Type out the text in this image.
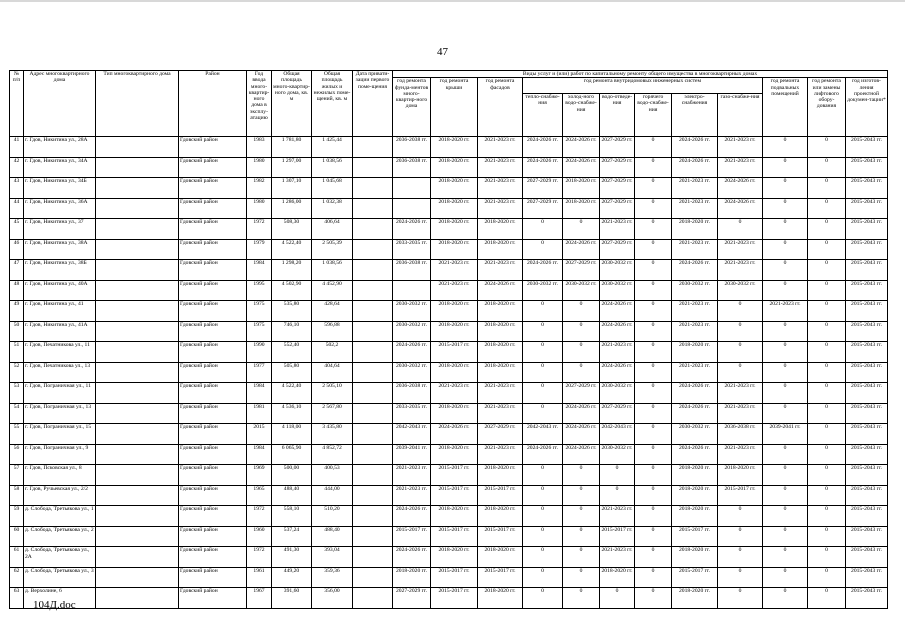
47
№ п/п	Адрес многоквартирного дома	Тип многоквартирного дома	Район	Год ввода много-квартир-ного дома в эксплу-атацию	Общая площадь много-квартир-ного дома, кв. м	Общая площадь жилых и нежилых поме-щений, кв. м	Дата привати-зации первого поме-щения	Виды услуг и (или) работ по капитальному ремонту общего имущества в многоквартирных домах											
								год ремонта фунда-ментов много-квартир-ного дома	год ремонта крыши	год ремонта фасадов	год ремонта внутридомовых инженерных систем						год ремонта подвальных помещений	год ремонта или замены лифтового обору-дования	год изготов-ления проектной докумен-тации*
											тепло-снабже-ния	холод-ного водо-снабже-ния	водо-отведе-ния	горячего водо-снабже-ния	электро-снабжения	газо-снабже-ния			
41	г. Гдов, Никитина ул., 28А		Гдовский район	1983	1 781,80	1 425,44		2036-2038 гг.	2018-2020 гг.	2021-2023 гг.	2024-2026 гг.	2024-2026 гг.	2027-2029 гг.	0	2024-2026 гг.	2021-2023 гг.	0	0	2015-2043 гг.
42	г. Гдов, Никитина ул., 34А		Гдовский район	1980	1 297,00	1 038,56		2036-2038 гг.	2018-2020 гг.	2021-2023 гг.	2024-2026 гг.	2024-2026 гг.	2027-2029 гг.	0	2024-2026 гг.	2021-2023 гг.	0	0	2015-2043 гг.
43	г. Гдов, Никитина ул., 34Б		Гдовский район	1982	1 307,10	1 045,68			2018-2020 гг.	2021-2023 гг.	2027-2029 гг.	2018-2020 гг.	2027-2029 гг.	0	2021-2023 гг.	2024-2026 гг.	0	0	2015-2043 гг.
44	г. Гдов, Никитина ул., 36А		Гдовский район	1980	1 286,00	1 032,38			2018-2020 гг.	2021-2023 гг.	2027-2029 гг.	2018-2020 гг.	2027-2029 гг.	0	2021-2023 гг.	2024-2026 гг.	0	0	2015-2043 гг.
45	г. Гдов, Никитина ул., 37		Гдовский район	1972	508,30	406,64		2024-2026 гг.	2018-2020 гг.	2018-2020 гг.	0	0	2021-2023 гг.	0	2018-2020 гг.	0	0	0	2015-2043 гг.
46	г. Гдов, Никитина ул., 38А		Гдовский район	1979	4 522,40	2 505,39		2033-2035 гг.	2018-2020 гг.	2018-2020 гг.	0	2024-2026 гг.	2027-2029 гг.	0	2021-2023 гг.	2021-2023 гг.	0	0	2015-2043 гг.
47	г. Гдов, Никитина ул., 38Б		Гдовский район	1984	1 298,20	1 038,56		2036-2038 гг.	2021-2023 гг.	2021-2023 гг.	2024-2026 гг.	2027-2029 гг.	2030-2032 гг.	0	2024-2026 гг.	2021-2023 гг.	0	0	2015-2043 гг.
48	г. Гдов, Никитина ул., 40А		Гдовский район	1995	4 502,90	4 452,90			2021-2023 гг.	2024-2026 гг.	2030-2032 гг.	2030-2032 гг.	2030-2032 гг.	0	2030-2032 гг.	2030-2032 гг.	0	0	2015-2043 гг.
49	г. Гдов, Никитина ул., 41		Гдовский район	1975	535,80	428,64		2030-2032 гг.	2018-2020 гг.	2018-2020 гг.	0	0	2024-2026 гг.	0	2021-2023 гг.	0	2021-2023 гг.	0	2015-2043 гг.
50	г. Гдов, Никитина ул., 41А		Гдовский район	1975	746,10	596,88		2030-2032 гг.	2018-2020 гг.	2018-2020 гг.	0	0	2024-2026 гг.	0	2021-2023 гг.	0	0	0	2015-2043 гг.
51	г. Гдов, Печатникова ул., 11		Гдовский район	1990	552,40	502,2		2024-2026 гг.	2015-2017 гг.	2018-2020 гг.	0	0	2021-2023 гг.	0	2018-2020 гг.	0	0	0	2015-2043 гг.
52	г. Гдов, Печатникова ул., 13		Гдовский район	1977	505,80	404,64		2030-2032 гг.	2018-2020 гг.	2018-2020 гг.	0	0	2024-2026 гг.	0	2021-2023 гг.	0	0	0	2015-2043 гг.
53	г. Гдов, Пограничная ул., 11		Гдовский район	1984	4 522,40	2 505,10		2036-2038 гг.	2021-2023 гг.	2021-2023 гг.	0	2027-2029 гг.	2030-2032 гг.	0	2024-2026 гг.	2021-2023 гг.	0	0	2015-2043 гг.
54	г. Гдов, Пограничная ул., 13		Гдовский район	1981	4 536,10	2 567,80		2033-2035 гг.	2018-2020 гг.	2021-2023 гг.	0	2024-2026 гг.	2027-2029 гг.	0	2024-2026 гг.	2021-2023 гг.	0	0	2015-2043 гг.
55	г. Гдов, Пограничная ул., 15		Гдовский район	2015	4 118,00	3 435,80		2042-2043 гг.	2024-2026 гг.	2027-2029 гг.	2042-2043 гг.	2024-2026 гг.	2042-2043 гг.	0	2030-2032 гг.	2036-2038 гг.	2039-2041 гг.	0	2015-2043 гг.
56	г. Гдов, Пограничная ул., 9		Гдовский район	1984	6 065,90	4 852,72		2039-2041 гг.	2018-2020 гг.	2021-2023 гг.	2024-2026 гг.	2024-2026 гг.	2030-2032 гг.	0	2024-2026 гг.	2021-2023 гг.	0	0	2015-2043 гг.
57	г. Гдов, Псковская ул., 8		Гдовский район	1969	500,00	400,53		2021-2023 гг.	2015-2017 гг.	2018-2020 гг.	0	0	0	0	2018-2020 гг.	2018-2020 гг.	0	0	2015-2043 гг.
58	г. Гдов, Ручьевская ул., 2/2		Гдовский район	1965	488,40	444,00		2021-2023 гг.	2015-2017 гг.	2015-2017 гг.	0	0	0	0	2018-2020 гг.	2015-2017 гг.	0	0	2015-2043 гг.
59	д. Слобода, Третьякова ул., 1		Гдовский район	1972	558,10	510,20		2024-2026 гг.	2018-2020 гг.	2018-2020 гг.	0	0	2021-2023 гг.	0	2018-2020 гг.	0	0	0	2015-2043 гг.
60	д. Слобода, Третьякова ул., 2		Гдовский район	1960	537,24	488,40		2015-2017 гг.	2015-2017 гг.	2015-2017 гг.	0	0	2015-2017 гг.	0	2015-2017 гг.	0	0	0	2015-2043 гг.
61	д. Слобода, Третьякова ул., 2А		Гдовский район	1972	491,30	393,04		2024-2026 гг.	2018-2020 гг.	2018-2020 гг.	0	0	2021-2023 гг.	0	2018-2020 гг.	0	0	0	2015-2043 гг.
62	д. Слобода, Третьякова ул., 3		Гдовский район	1961	449,20	359,36		2018-2020 гг.	2015-2017 гг.	2015-2017 гг.	0	0	2018-2020 гг.	0	2015-2017 гг.	0	0	0	2015-2043 гг.
63	д. Верхолине, 6		Гдовский район	1967	391,60	356,00		2027-2029 гг.	2015-2017 гг.	2018-2020 гг.	0	0	0	0	2018-2020 гг.	0	0	0	2015-2043 гг.
104Д.doc
